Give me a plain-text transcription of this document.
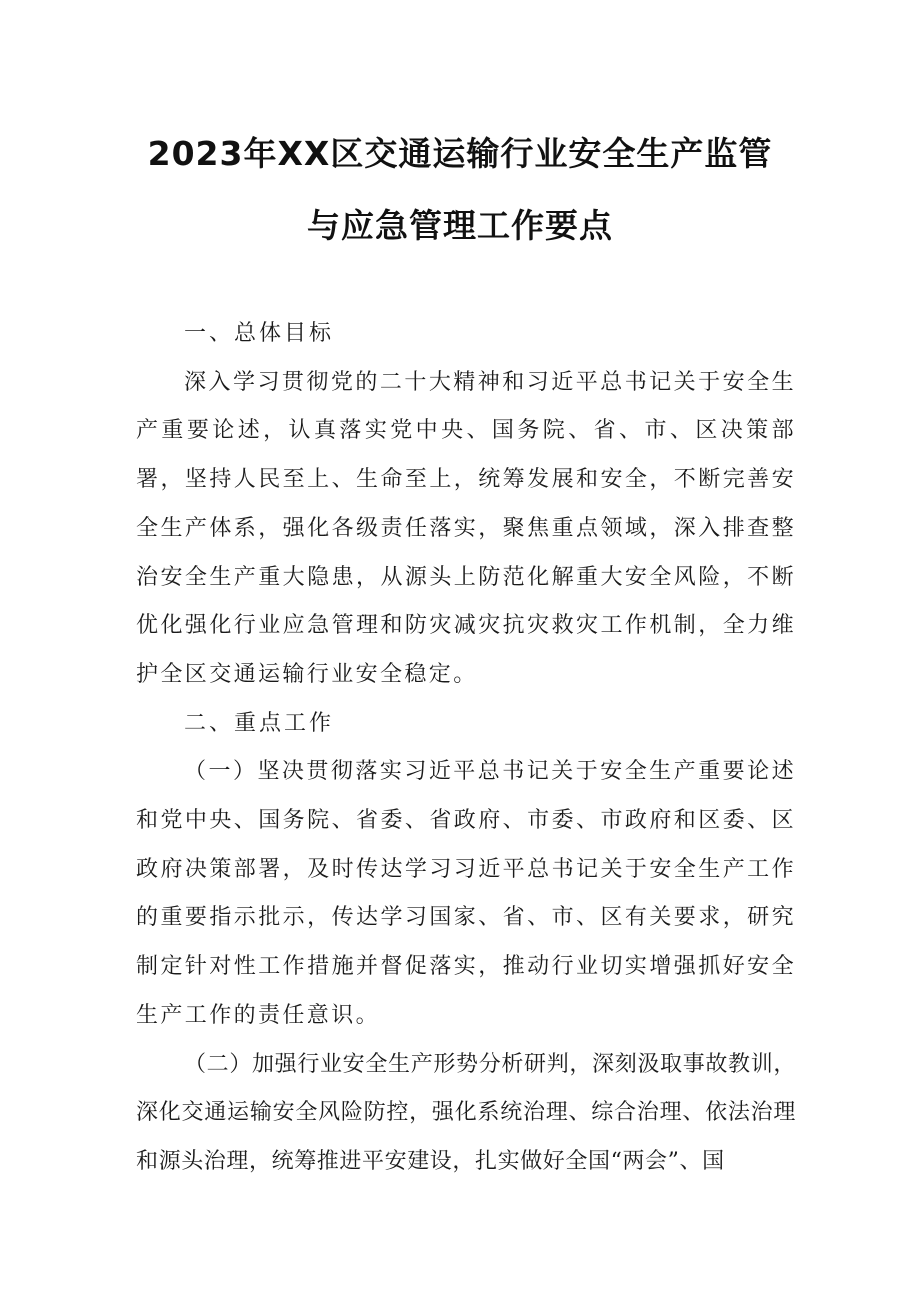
2023年XX区交通运输行业安全生产监管
与应急管理工作要点

一、总体目标

深入学习贯彻党的二十大精神和习近平总书记关于安全生产重要论述，认真落实党中央、国务院、省、市、区决策部署，坚持人民至上、生命至上，统筹发展和安全，不断完善安全生产体系，强化各级责任落实，聚焦重点领域，深入排查整治安全生产重大隐患，从源头上防范化解重大安全风险，不断优化强化行业应急管理和防灾减灾抗灾救灾工作机制，全力维护全区交通运输行业安全稳定。

二、重点工作

（一）坚决贯彻落实习近平总书记关于安全生产重要论述和党中央、国务院、省委、省政府、市委、市政府和区委、区政府决策部署，及时传达学习习近平总书记关于安全生产工作的重要指示批示，传达学习国家、省、市、区有关要求，研究制定针对性工作措施并督促落实，推动行业切实增强抓好安全生产工作的责任意识。

（二）加强行业安全生产形势分析研判，深刻汲取事故教训，深化交通运输安全风险防控，强化系统治理、综合治理、依法治理和源头治理，统筹推进平安建设，扎实做好全国“两会”、国
